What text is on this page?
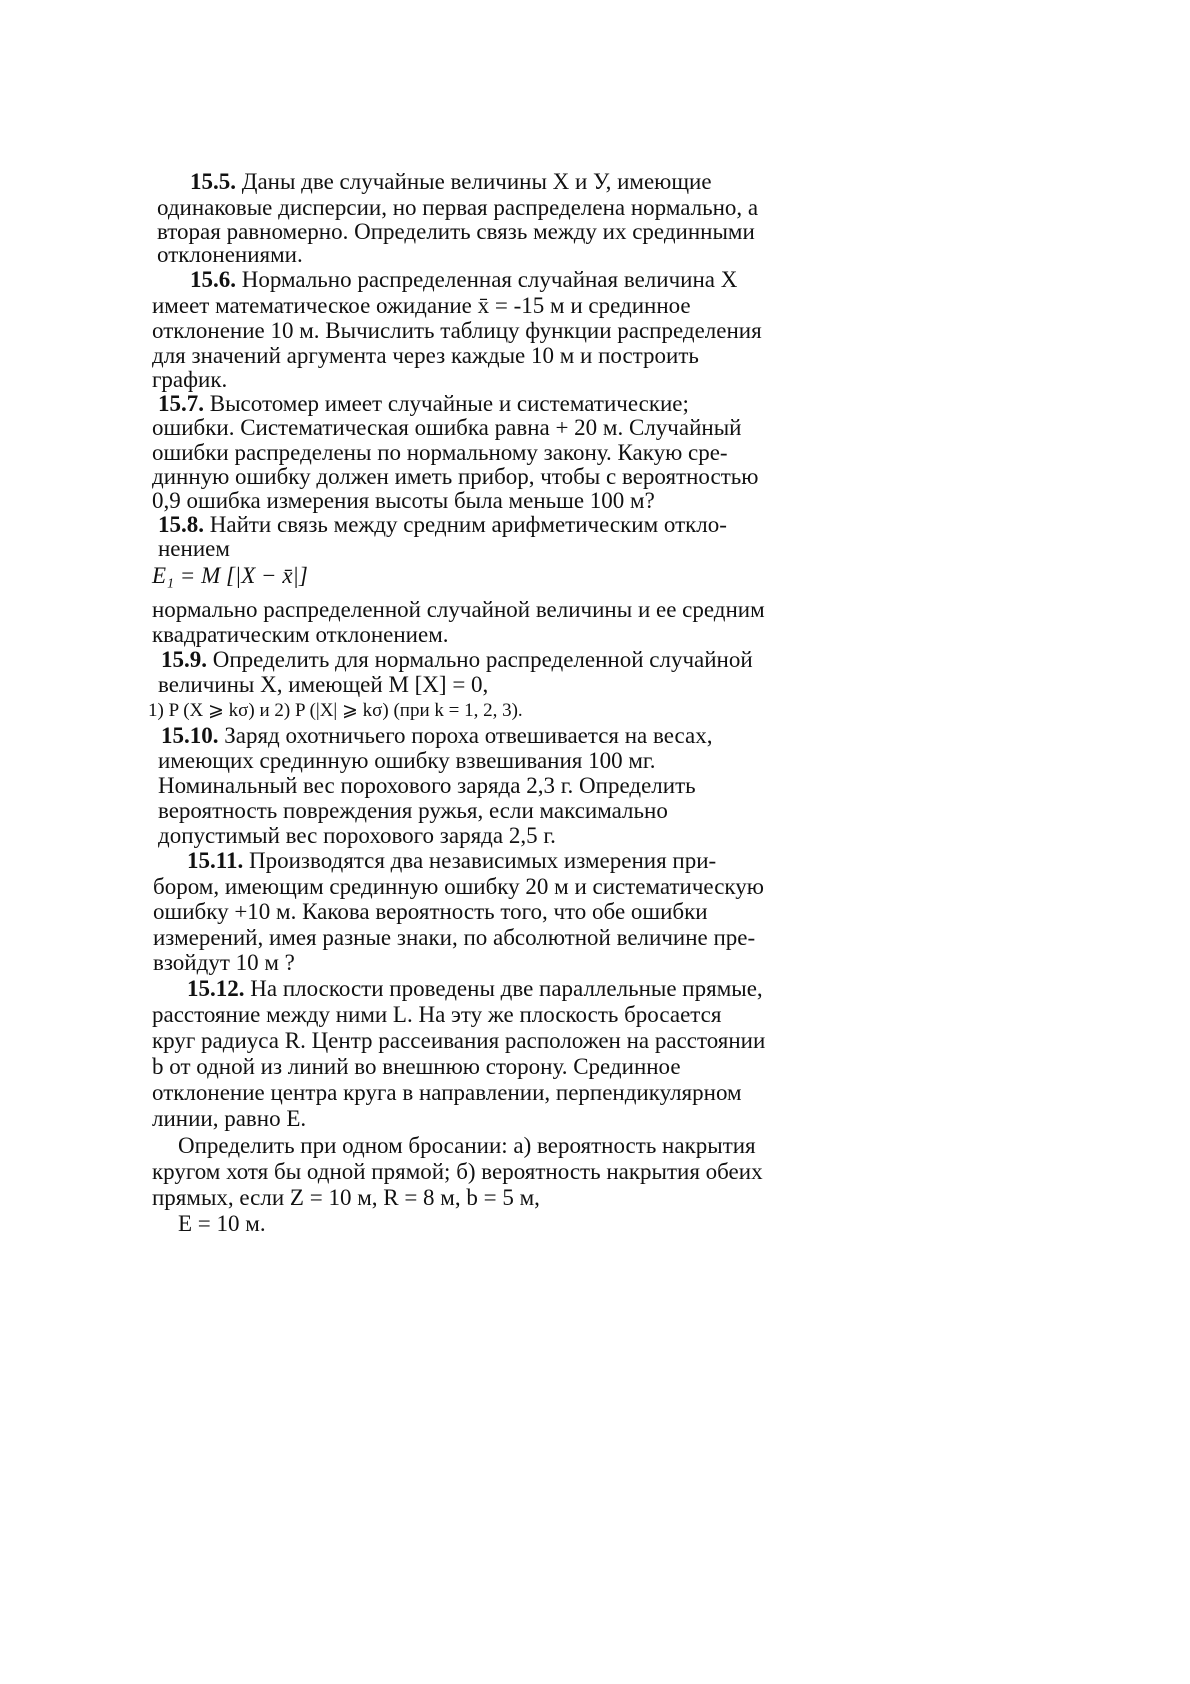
15.5. Даны две случайные величины X и У, имеющие

одинаковые дисперсии, но первая распределена нормально, а

вторая равномерно. Определить связь между их срединными

отклонениями.

15.6. Нормально распределенная случайная величина X

имеет математическое ожидание x̄ = -15 м и срединное

отклонение 10 м. Вычислить таблицу функции распределения

для значений аргумента через каждые 10 м и построить

график.

15.7. Высотомер имеет случайные и систематические;

ошибки. Систематическая ошибка равна + 20 м. Случайный

ошибки распределены по нормальному закону. Какую сре-

динную ошибку должен иметь прибор, чтобы с вероятностью

0,9 ошибка измерения высоты была меньше 100 м?

15.8. Найти связь между средним арифметическим откло-

нением

E₁ = M [|X − x̄|]

нормально распределенной случайной величины и ее средним

квадратическим отклонением.

15.9. Определить для нормально распределенной случайной

величины X, имеющей M [X] = 0,

1) P (X ⩾ kσ) и 2) P (|X| ⩾ kσ) (при k = 1, 2, 3).

15.10. Заряд охотничьего пороха отвешивается на весах,

имеющих срединную ошибку взвешивания 100 мг.

Номинальный вес порохового заряда 2,3 г. Определить

вероятность повреждения ружья, если максимально

допустимый вес порохового заряда 2,5 г.

15.11. Производятся два независимых измерения при-

бором, имеющим срединную ошибку 20 м и систематическую

ошибку +10 м. Какова вероятность того, что обе ошибки

измерений, имея разные знаки, по абсолютной величине пре-

взойдут 10 м ?

15.12. На плоскости проведены две параллельные прямые,

расстояние между ними L. На эту же плоскость бросается

круг радиуса R. Центр рассеивания расположен на расстоянии

b от одной из линий во внешнюю сторону. Срединное

отклонение центра круга в направлении, перпендикулярном

линии, равно E.

Определить при одном бросании: а) вероятность накрытия

кругом хотя бы одной прямой; б) вероятность накрытия обеих

прямых, если Z = 10 м, R = 8 м, b = 5 м,

E = 10 м.
